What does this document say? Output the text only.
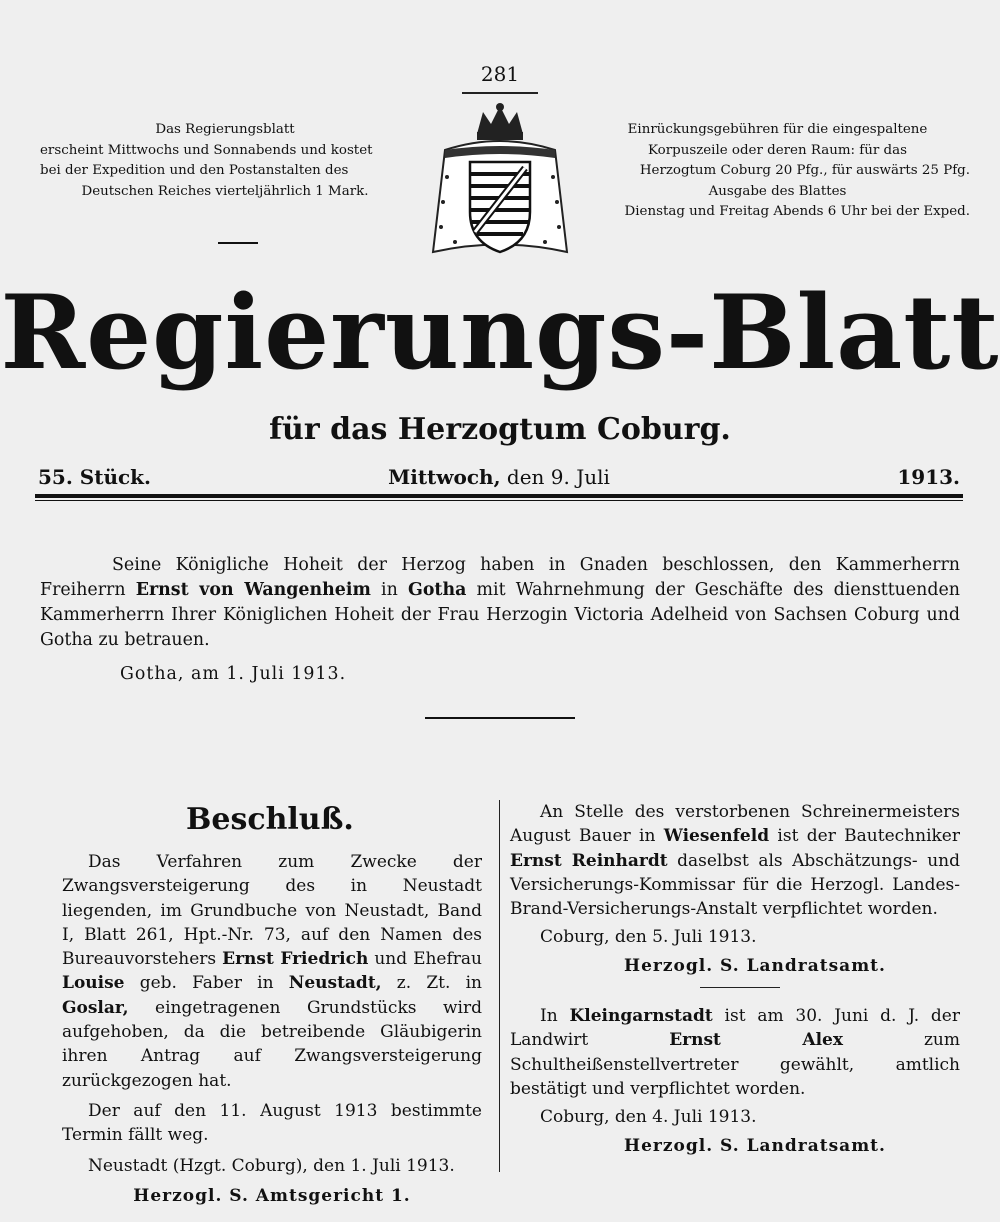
281

Das Regierungsblatt

erscheint Mittwochs und Sonnabends und kostet

bei der Expedition und den Postanstalten des

Deutschen Reiches vierteljährlich 1 Mark.

Einrückungsgebühren für die eingespaltene

Korpuszeile oder deren Raum: für das

Herzogtum Coburg 20 Pfg., für auswärts 25 Pfg.

Ausgabe des Blattes

Dienstag und Freitag Abends 6 Uhr bei der Exped.

Regierungs-Blatt
für das Herzogtum Coburg.
55. Stück.	Mittwoch, den 9. Juli	1913.

Seine Königliche Hoheit der Herzog haben in Gnaden beschlossen, den Kammerherrn Freiherrn Ernst von Wangenheim in Gotha mit Wahrnehmung der Geschäfte des diensttuenden Kammerherrn Ihrer Königlichen Hoheit der Frau Herzogin Victoria Adelheid von Sachsen Coburg und Gotha zu betrauen.

Gotha, am 1. Juli 1913.

Beschluß.

Das Verfahren zum Zwecke der Zwangsversteigerung des in Neustadt liegenden, im Grundbuche von Neustadt, Band I, Blatt 261, Hpt.-Nr. 73, auf den Namen des Bureauvorstehers Ernst Friedrich und Ehefrau Louise geb. Faber in Neustadt, z. Zt. in Goslar, eingetragenen Grundstücks wird aufgehoben, da die betreibende Gläubigerin ihren Antrag auf Zwangsversteigerung zurückgezogen hat.

Der auf den 11. August 1913 bestimmte Termin fällt weg.

Neustadt (Hzgt. Coburg), den 1. Juli 1913.

Herzogl. S. Amtsgericht 1.

An Stelle des verstorbenen Schreinermeisters August Bauer in Wiesenfeld ist der Bautechniker Ernst Reinhardt daselbst als Abschätzungs- und Versicherungs-Kommissar für die Herzogl. Landes-Brand-Versicherungs-Anstalt verpflichtet worden.

Coburg, den 5. Juli 1913.

Herzogl. S. Landratsamt.

In Kleingarnstadt ist am 30. Juni d. J. der Landwirt Ernst Alex zum Schultheißenstellvertreter gewählt, amtlich bestätigt und verpflichtet worden.

Coburg, den 4. Juli 1913.

Herzogl. S. Landratsamt.
